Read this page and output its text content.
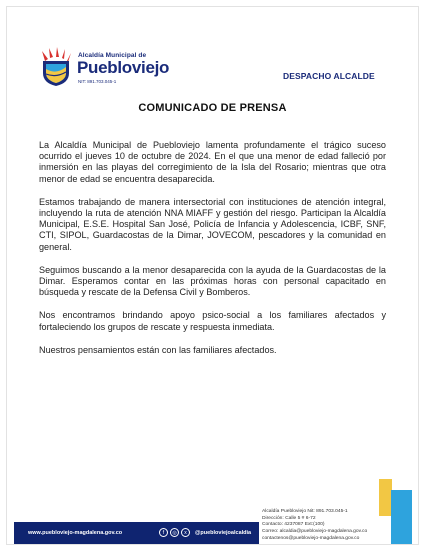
Alcaldía Municipal de
Puebloviejo
NIT: 891.703.045-1
DESPACHO ALCALDE
COMUNICADO DE PRENSA

La Alcaldía Municipal de Puebloviejo lamenta profundamente el trágico suceso ocurrido el jueves 10 de octubre de 2024. En el que una menor de edad falleció por inmersión en las playas del corregimiento de la Isla del Rosario; mientras que otra menor de edad se encuentra desaparecida.

Estamos trabajando de manera intersectorial con instituciones de atención integral, incluyendo la ruta de atención NNA MIAFF y gestión del riesgo. Participan la Alcaldía Municipal, E.S.E. Hospital San José, Policía de Infancia y Adolescencia, ICBF, SNF, CTI, SIPOL, Guardacostas de la Dimar, JOVECOM, pescadores y la comunidad en general.

Seguimos buscando a la menor desaparecida con la ayuda de la Guardacostas de la Dimar. Esperamos contar en las próximas horas con personal capacitado en búsqueda y rescate de la Defensa Civil y Bomberos.

Nos encontramos brindando apoyo psico-social a los familiares afectados y fortaleciendo los grupos de rescate y respuesta inmediata.

Nuestros pensamientos están con las familiares afectados.

Alcaldía Puebloviejo Nit: 891.703.045-1
Dirección: Calle 5 # 6-72
Contacto: 4237087 Ext:(100)
Correo: alcaldia@puebloviejo-magdalena.gov.co
contactenos@puebloviejo-magdalena.gov.co
www.puebloviejo-magdalena.gov.co	f	◎	x	@puebloviejoalcaldia
